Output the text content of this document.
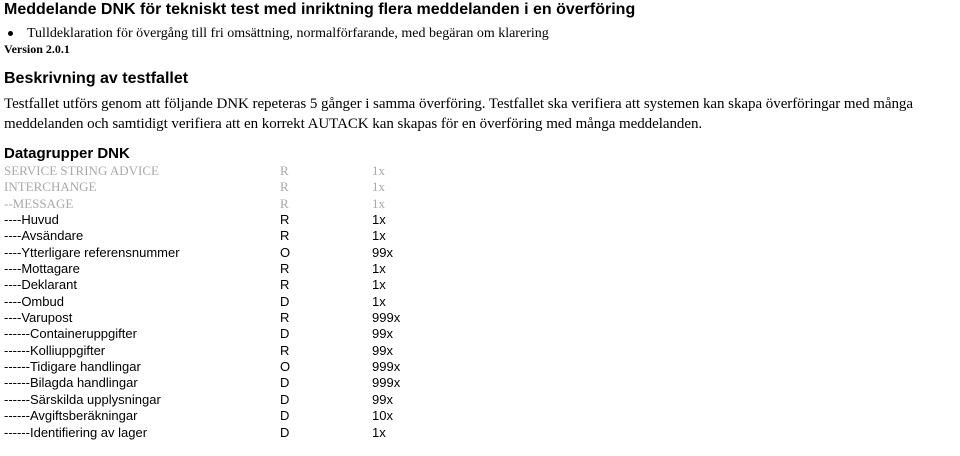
Meddelande DNK för tekniskt test med inriktning flera meddelanden i en överföring
Tulldeklaration för övergång till fri omsättning, normalförfarande, med begäran om klarering
Version 2.0.1
Beskrivning av testfallet
Testfallet utförs genom att följande DNK repeteras 5 gånger i samma överföring. Testfallet ska verifiera att systemen kan skapa överföringar med många meddelanden och samtidigt verifiera att en korrekt AUTACK kan skapas för en överföring med många meddelanden.
Datagrupper DNK
SERVICE STRING ADVICE	R	1x
INTERCHANGE	R	1x
--MESSAGE	R	1x
----Huvud	R	1x
----Avsändare	R	1x
----Ytterligare referensnummer	O	99x
----Mottagare	R	1x
----Deklarant	R	1x
----Ombud	D	1x
----Varupost	R	999x
------Containeruppgifter	D	99x
------Kolliuppgifter	R	99x
------Tidigare handlingar	O	999x
------Bilagda handlingar	D	999x
------Särskilda upplysningar	D	99x
------Avgiftsberäkningar	D	10x
------Identifiering av lager	D	1x
